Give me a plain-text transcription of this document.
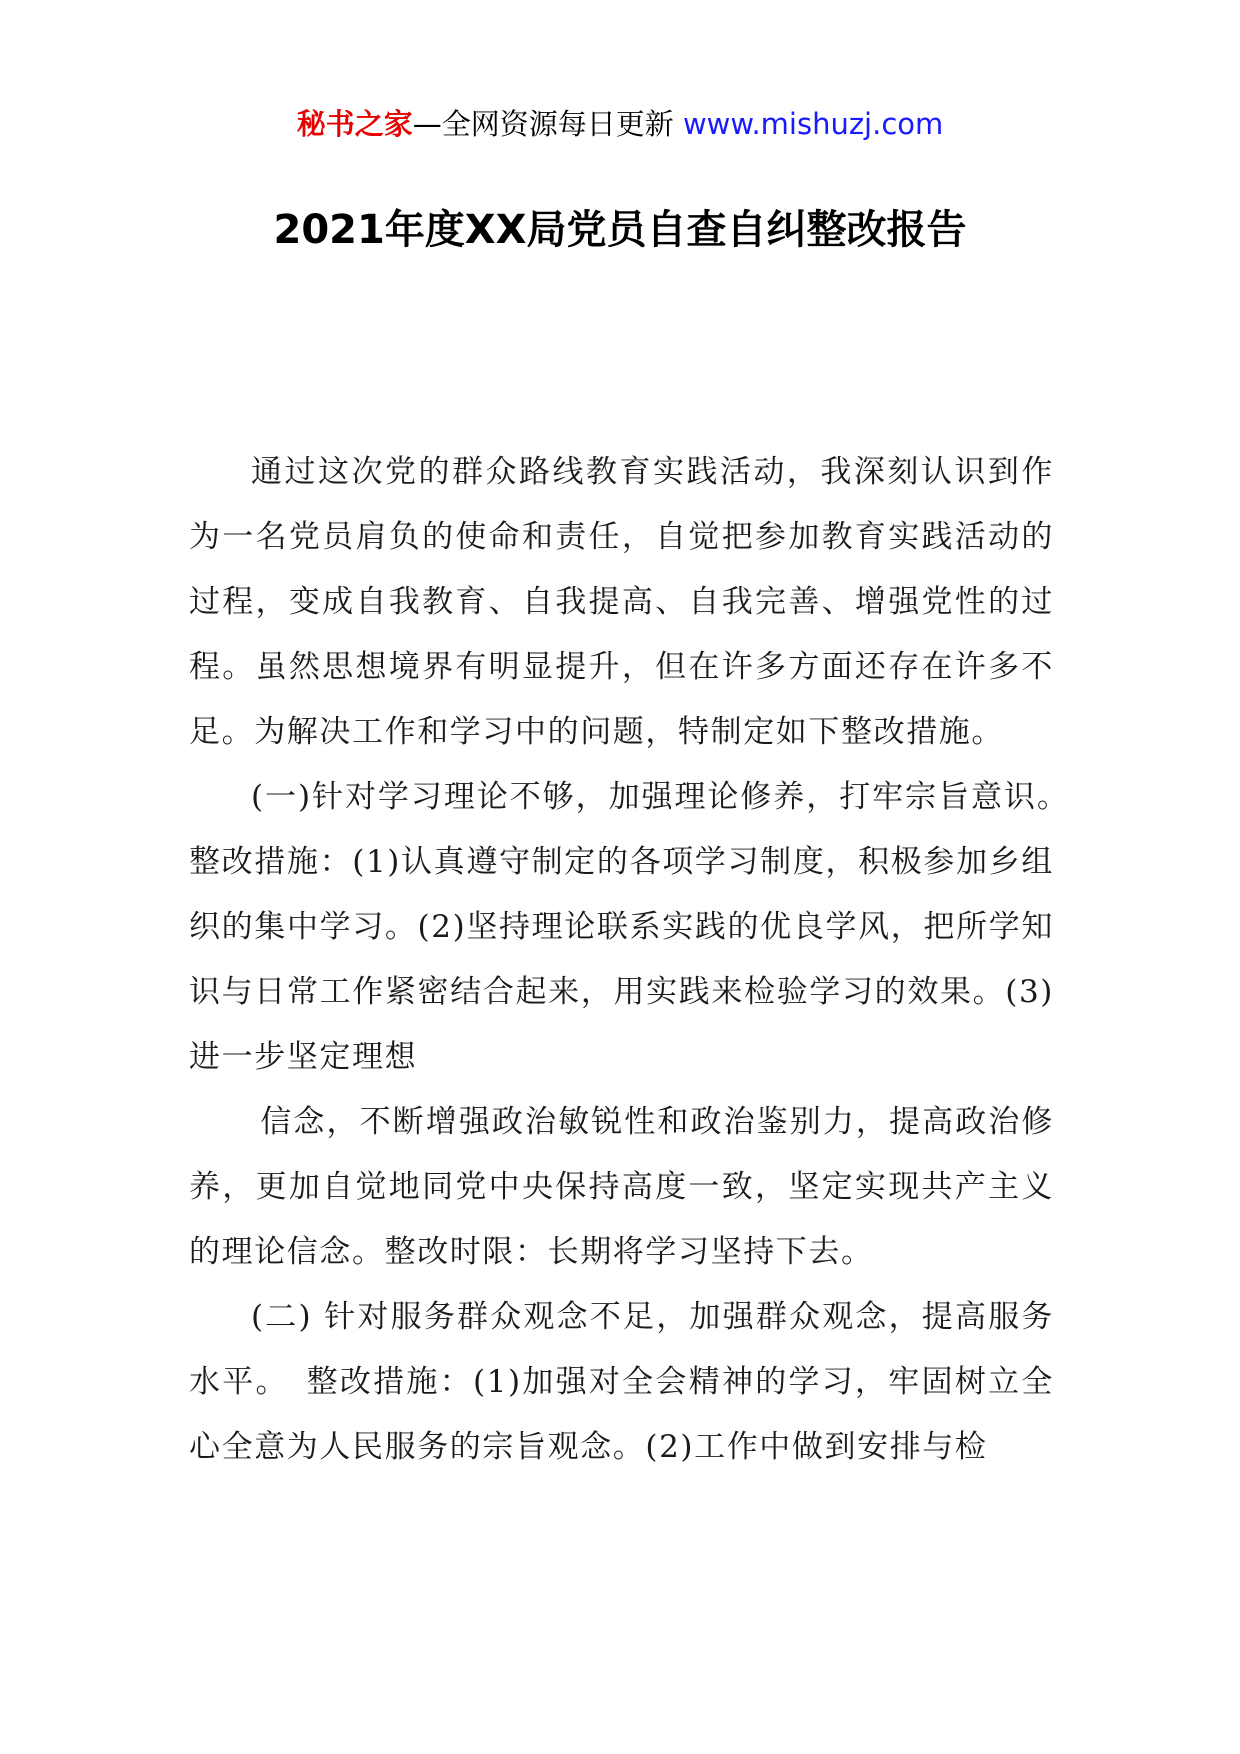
秘书之家—全网资源每日更新 www.mishuzj.com
2021年度XX局党员自查自纠整改报告

通过这次党的群众路线教育实践活动，我深刻认识到作为一名党员肩负的使命和责任，自觉把参加教育实践活动的过程，变成自我教育、自我提高、自我完善、增强党性的过程。虽然思想境界有明显提升，但在许多方面还存在许多不足。为解决工作和学习中的问题，特制定如下整改措施。

(一)针对学习理论不够，加强理论修养，打牢宗旨意识。　整改措施：(1)认真遵守制定的各项学习制度，积极参加乡组织的集中学习。(2)坚持理论联系实践的优良学风，把所学知识与日常工作紧密结合起来，用实践来检验学习的效果。(3)进一步坚定理想

信念，不断增强政治敏锐性和政治鉴别力，提高政治修养，更加自觉地同党中央保持高度一致，坚定实现共产主义的理论信念。整改时限：长期将学习坚持下去。

(二) 针对服务群众观念不足，加强群众观念，提高服务水平。　整改措施：(1)加强对全会精神的学习，牢固树立全心全意为人民服务的宗旨观念。(2)工作中做到安排与检
